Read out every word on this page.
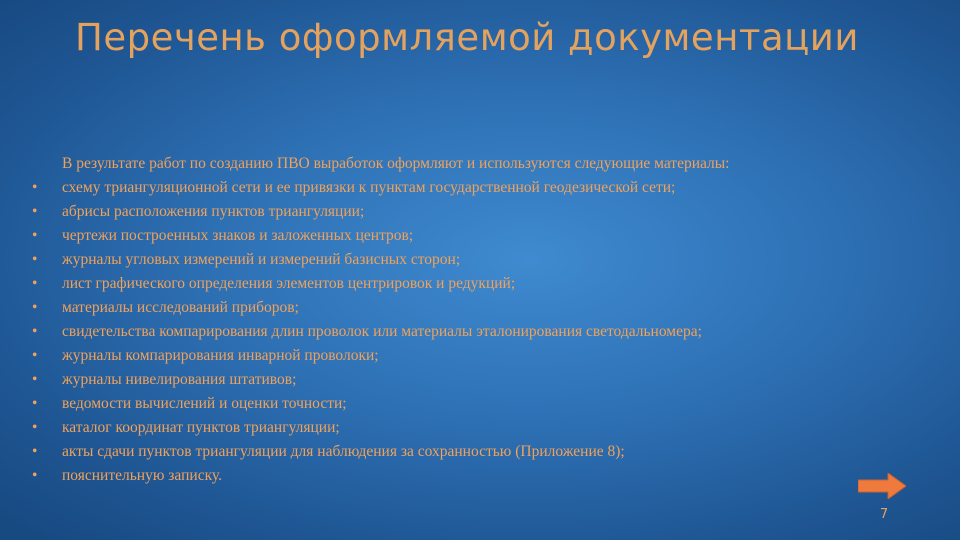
Перечень оформляемой документации

В результате работ по созданию ПВО выработок оформляют и используются следующие материалы:

• схему триангуляционной сети и ее привязки к пунктам государственной геодезической сети;
• абрисы расположения пунктов триангуляции;
• чертежи построенных знаков и заложенных центров;
• журналы угловых измерений и измерений базисных сторон;
• лист графического определения элементов центрировок и редукций;
• материалы исследований приборов;
• свидетельства компарирования длин проволок или материалы эталонирования светодальномера;
• журналы компарирования инварной проволоки;
• журналы нивелирования штативов;
• ведомости вычислений и оценки точности;
• каталог координат пунктов триангуляции;
• акты сдачи пунктов триангуляции для наблюдения за сохранностью (Приложение 8);
• пояснительную записку.
7
